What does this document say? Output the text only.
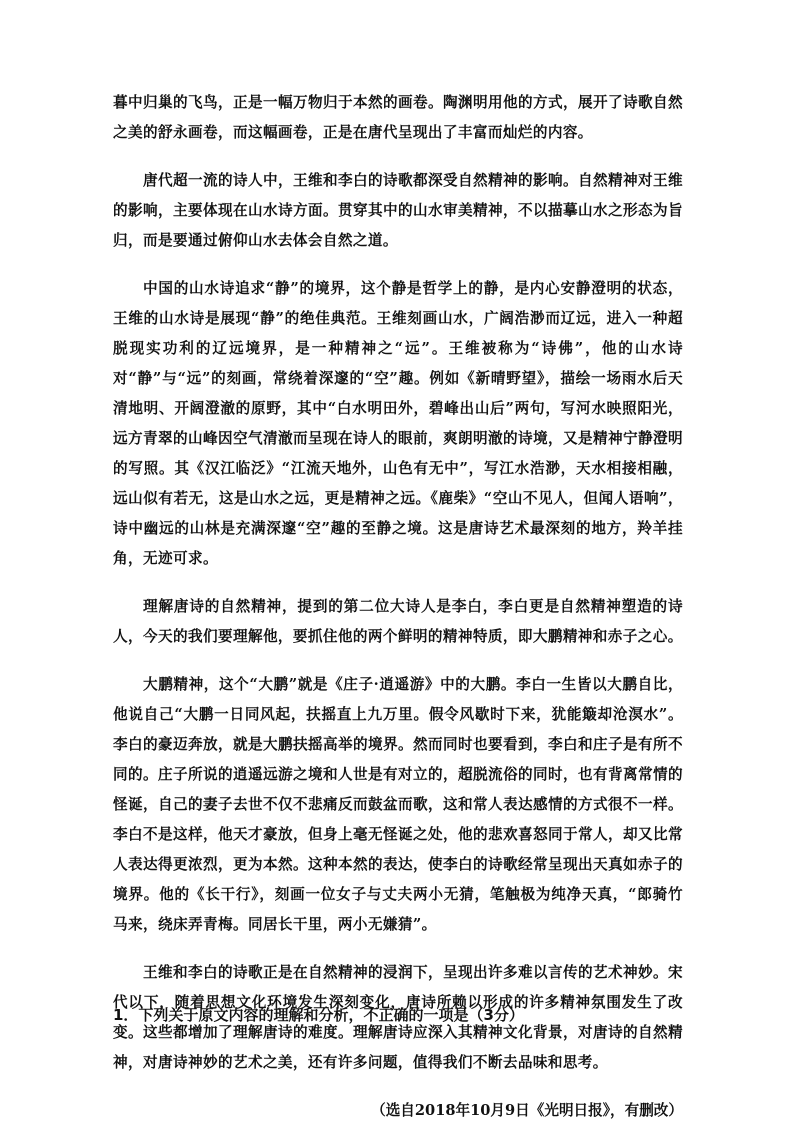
暮中归巢的飞鸟，正是一幅万物归于本然的画卷。陶渊明用他的方式，展开了诗歌自然之美的舒永画卷，而这幅画卷，正是在唐代呈现出了丰富而灿烂的内容。

唐代超一流的诗人中，王维和李白的诗歌都深受自然精神的影响。自然精神对王维的影响，主要体现在山水诗方面。贯穿其中的山水审美精神，不以描摹山水之形态为旨归，而是要通过俯仰山水去体会自然之道。

中国的山水诗追求“静”的境界，这个静是哲学上的静，是内心安静澄明的状态，王维的山水诗是展现“静”的绝佳典范。王维刻画山水，广阔浩渺而辽远，进入一种超脱现实功利的辽远境界，是一种精神之“远”。王维被称为“诗佛”，他的山水诗对“静”与“远”的刻画，常绕着深邃的“空”趣。例如《新晴野望》，描绘一场雨水后天清地明、开阔澄澈的原野，其中“白水明田外，碧峰出山后”两句，写河水映照阳光，远方青翠的山峰因空气清澈而呈现在诗人的眼前，爽朗明澈的诗境，又是精神宁静澄明的写照。其《汉江临泛》“江流天地外，山色有无中”，写江水浩渺，天水相接相融，远山似有若无，这是山水之远，更是精神之远。《鹿柴》“空山不见人，但闻人语响”，诗中幽远的山林是充满深邃“空”趣的至静之境。这是唐诗艺术最深刻的地方，羚羊挂角，无迹可求。

理解唐诗的自然精神，提到的第二位大诗人是李白，李白更是自然精神塑造的诗人，今天的我们要理解他，要抓住他的两个鲜明的精神特质，即大鹏精神和赤子之心。

大鹏精神，这个“大鹏”就是《庄子·逍遥游》中的大鹏。李白一生皆以大鹏自比，他说自己“大鹏一日同风起，扶摇直上九万里。假令风歇时下来，犹能簸却沧溟水”。李白的豪迈奔放，就是大鹏扶摇高举的境界。然而同时也要看到，李白和庄子是有所不同的。庄子所说的逍遥远游之境和人世是有对立的，超脱流俗的同时，也有背离常情的怪诞，自己的妻子去世不仅不悲痛反而鼓盆而歌，这和常人表达感情的方式很不一样。李白不是这样，他天才豪放，但身上毫无怪诞之处，他的悲欢喜怒同于常人，却又比常人表达得更浓烈，更为本然。这种本然的表达，使李白的诗歌经常呈现出天真如赤子的境界。他的《长干行》，刻画一位女子与丈夫两小无猜，笔触极为纯净天真，“郎骑竹马来，绕床弄青梅。同居长干里，两小无嫌猜”。

王维和李白的诗歌正是在自然精神的浸润下，呈现出许多难以言传的艺术神妙。宋代以下，随着思想文化环境发生深刻变化，唐诗所赖以形成的许多精神氛围发生了改变。这些都增加了理解唐诗的难度。理解唐诗应深入其精神文化背景，对唐诗的自然精神，对唐诗神妙的艺术之美，还有许多问题，值得我们不断去品味和思考。

（选自2018年10月9日《光明日报》，有删改）

1．下列关于原文内容的理解和分析，不正确的一项是（3分）
